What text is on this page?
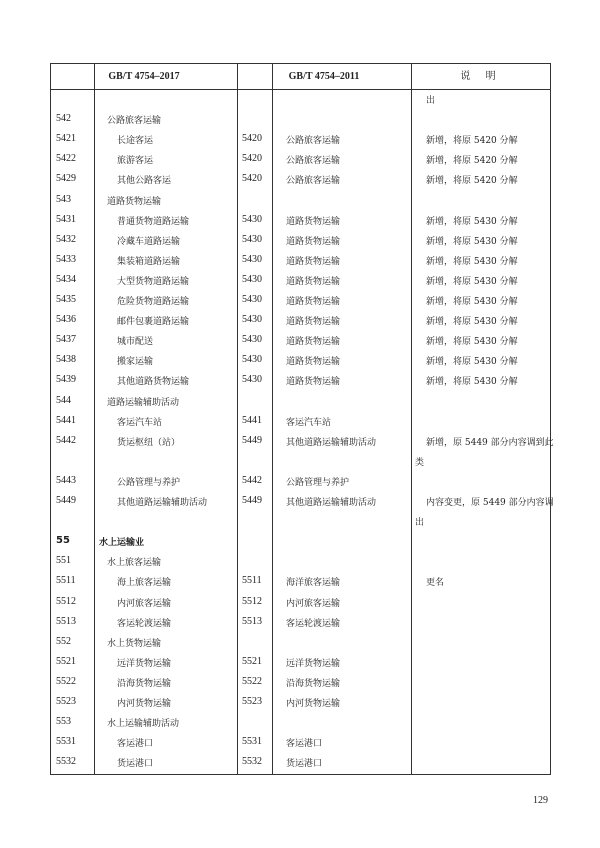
GB/T 4754–2017	GB/T 4754–2011	说 明
出
542	公路旅客运输
5421	长途客运	5420	公路旅客运输	新增，将原 5420 分解
5422	旅游客运	5420	公路旅客运输	新增，将原 5420 分解
5429	其他公路客运	5420	公路旅客运输	新增，将原 5420 分解
543	道路货物运输
5431	普通货物道路运输	5430	道路货物运输	新增，将原 5430 分解
5432	冷藏车道路运输	5430	道路货物运输	新增，将原 5430 分解
5433	集装箱道路运输	5430	道路货物运输	新增，将原 5430 分解
5434	大型货物道路运输	5430	道路货物运输	新增，将原 5430 分解
5435	危险货物道路运输	5430	道路货物运输	新增，将原 5430 分解
5436	邮件包裹道路运输	5430	道路货物运输	新增，将原 5430 分解
5437	城市配送	5430	道路货物运输	新增，将原 5430 分解
5438	搬家运输	5430	道路货物运输	新增，将原 5430 分解
5439	其他道路货物运输	5430	道路货物运输	新增，将原 5430 分解
544	道路运输辅助活动
5441	客运汽车站	5441	客运汽车站
5442	货运枢纽（站）	5449	其他道路运输辅助活动	新增，原 5449 部分内容调到此
类
5443	公路管理与养护	5442	公路管理与养护
5449	其他道路运输辅助活动	5449	其他道路运输辅助活动	内容变更，原 5449 部分内容调
出
55	水上运输业
551	水上旅客运输
5511	海上旅客运输	5511	海洋旅客运输	更名
5512	内河旅客运输	5512	内河旅客运输
5513	客运轮渡运输	5513	客运轮渡运输
552	水上货物运输
5521	远洋货物运输	5521	远洋货物运输
5522	沿海货物运输	5522	沿海货物运输
5523	内河货物运输	5523	内河货物运输
553	水上运输辅助活动
5531	客运港口	5531	客运港口
5532	货运港口	5532	货运港口
129
